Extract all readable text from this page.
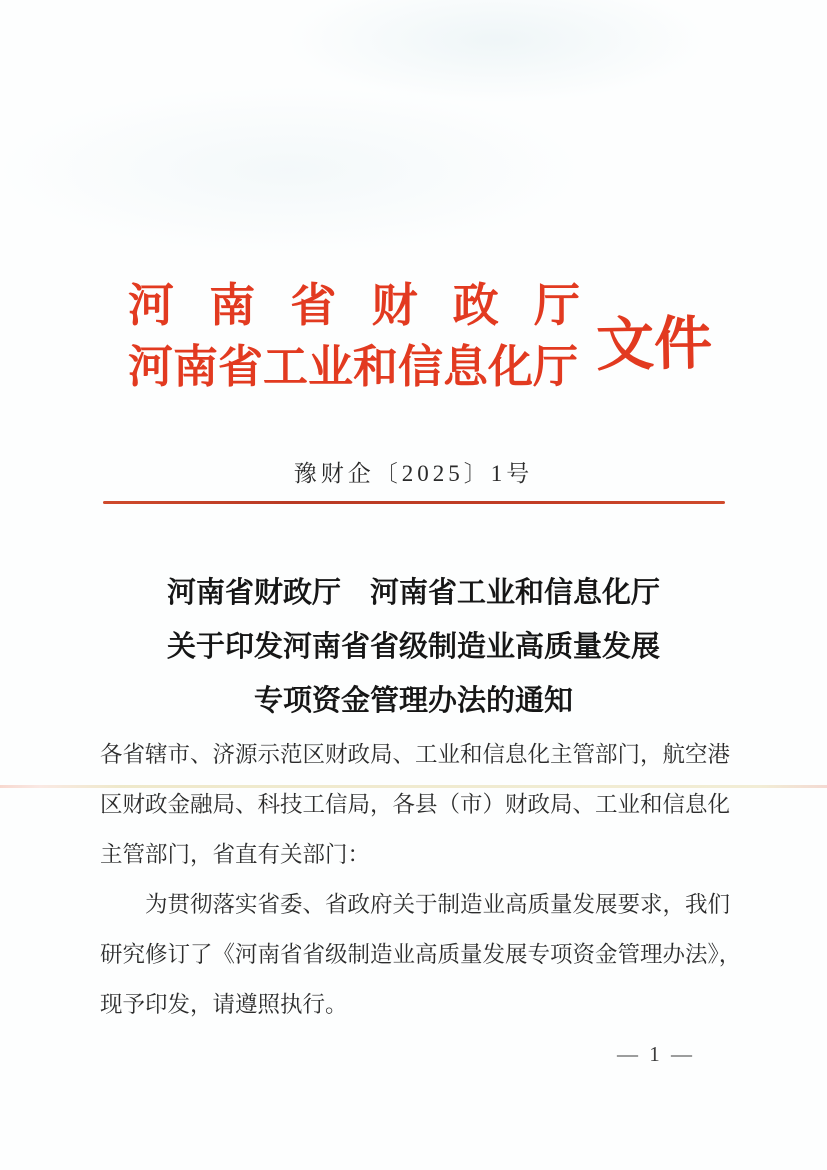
河 南 省 财 政 厅
河南省工业和信息化厅 文件
豫财企〔2025〕1号
河南省财政厅　河南省工业和信息化厅
关于印发河南省省级制造业高质量发展
专项资金管理办法的通知
各省辖市、济源示范区财政局、工业和信息化主管部门，航空港
区财政金融局、科技工信局，各县（市）财政局、工业和信息化
主管部门，省直有关部门：
为贯彻落实省委、省政府关于制造业高质量发展要求，我们
研究修订了《河南省省级制造业高质量发展专项资金管理办法》，
现予印发，请遵照执行。
— 1 —
